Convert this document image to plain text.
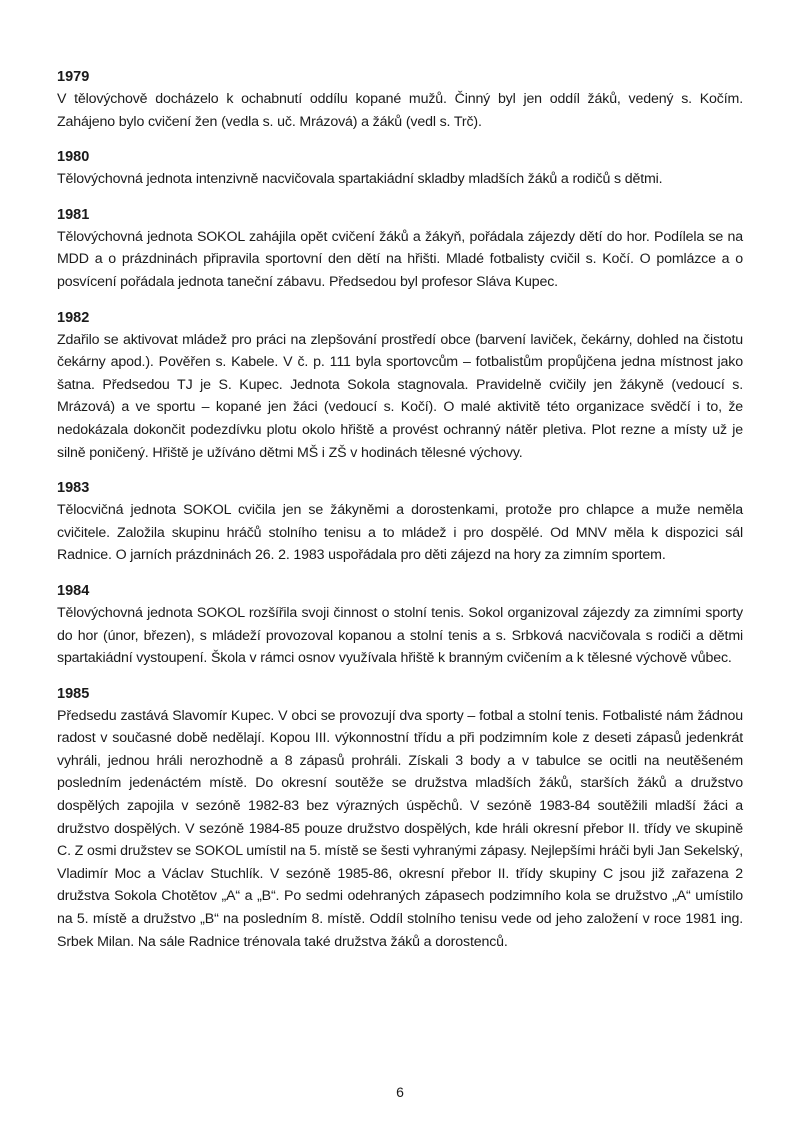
1979

V tělovýchově docházelo k ochabnutí oddílu kopané mužů. Činný byl jen oddíl žáků, vedený s. Kočím. Zahájeno bylo cvičení žen (vedla s. uč. Mrázová) a žáků (vedl s. Trč).

1980

Tělovýchovná jednota intenzivně nacvičovala spartakiádní skladby mladších žáků a rodičů s dětmi.

1981

Tělovýchovná jednota SOKOL zahájila opět cvičení žáků a žákyň, pořádala zájezdy dětí do hor. Podílela se na MDD a o prázdninách připravila sportovní den dětí na hřišti. Mladé fotbalisty cvičil s. Kočí. O pomlázce a o posvícení pořádala jednota taneční zábavu. Předsedou byl profesor Sláva Kupec.

1982

Zdařilo se aktivovat mládež pro práci na zlepšování prostředí obce (barvení laviček, čekárny, dohled na čistotu čekárny apod.). Pověřen s. Kabele. V č. p. 111 byla sportovcům – fotbalistům propůjčena jedna místnost jako šatna. Předsedou TJ je S. Kupec. Jednota Sokola stagnovala. Pravidelně cvičily jen žákyně (vedoucí s. Mrázová) a ve sportu – kopané jen žáci (vedoucí s. Kočí). O malé aktivitě této organizace svědčí i to, že nedokázala dokončit podezdívku plotu okolo hřiště a provést ochranný nátěr pletiva. Plot rezne a místy už je silně poničený. Hřiště je užíváno dětmi MŠ i ZŠ v hodinách tělesné výchovy.

1983

Tělocvičná jednota SOKOL cvičila jen se žákyněmi a dorostenkami, protože pro chlapce a muže neměla cvičitele. Založila skupinu hráčů stolního tenisu a to mládež i pro dospělé. Od MNV měla k dispozici sál Radnice. O jarních prázdninách 26. 2. 1983 uspořádala pro děti zájezd na hory za zimním sportem.

1984

Tělovýchovná jednota SOKOL rozšířila svoji činnost o stolní tenis. Sokol organizoval zájezdy za zimními sporty do hor (únor, březen), s mládeží provozoval kopanou a stolní tenis a s. Srbková nacvičovala s rodiči a dětmi spartakiádní vystoupení. Škola v rámci osnov využívala hřiště k branným cvičením a k tělesné výchově vůbec.

1985

Předsedu zastává Slavomír Kupec. V obci se provozují dva sporty – fotbal a stolní tenis. Fotbalisté nám žádnou radost v současné době nedělají. Kopou III. výkonnostní třídu a při podzimním kole z deseti zápasů jedenkrát vyhráli, jednou hráli nerozhodně a 8 zápasů prohráli. Získali 3 body a v tabulce se ocitli na neutěšeném posledním jedenáctém místě. Do okresní soutěže se družstva mladších žáků, starších žáků a družstvo dospělých zapojila v sezóně 1982-83 bez výrazných úspěchů. V sezóně 1983-84 soutěžili mladší žáci a družstvo dospělých. V sezóně 1984-85 pouze družstvo dospělých, kde hráli okresní přebor II. třídy ve skupině C. Z osmi družstev se SOKOL umístil na 5. místě se šesti vyhranými zápasy. Nejlepšími hráči byli Jan Sekelský, Vladimír Moc a Václav Stuchlík. V sezóně 1985-86, okresní přebor II. třídy skupiny C jsou již zařazena 2 družstva Sokola Chotětov „A“ a „B“. Po sedmi odehraných zápasech podzimního kola se družstvo „A“ umístilo na 5. místě a družstvo „B“ na posledním 8. místě. Oddíl stolního tenisu vede od jeho založení v roce 1981 ing. Srbek Milan. Na sále Radnice trénovala také družstva žáků a dorostenců.

6
